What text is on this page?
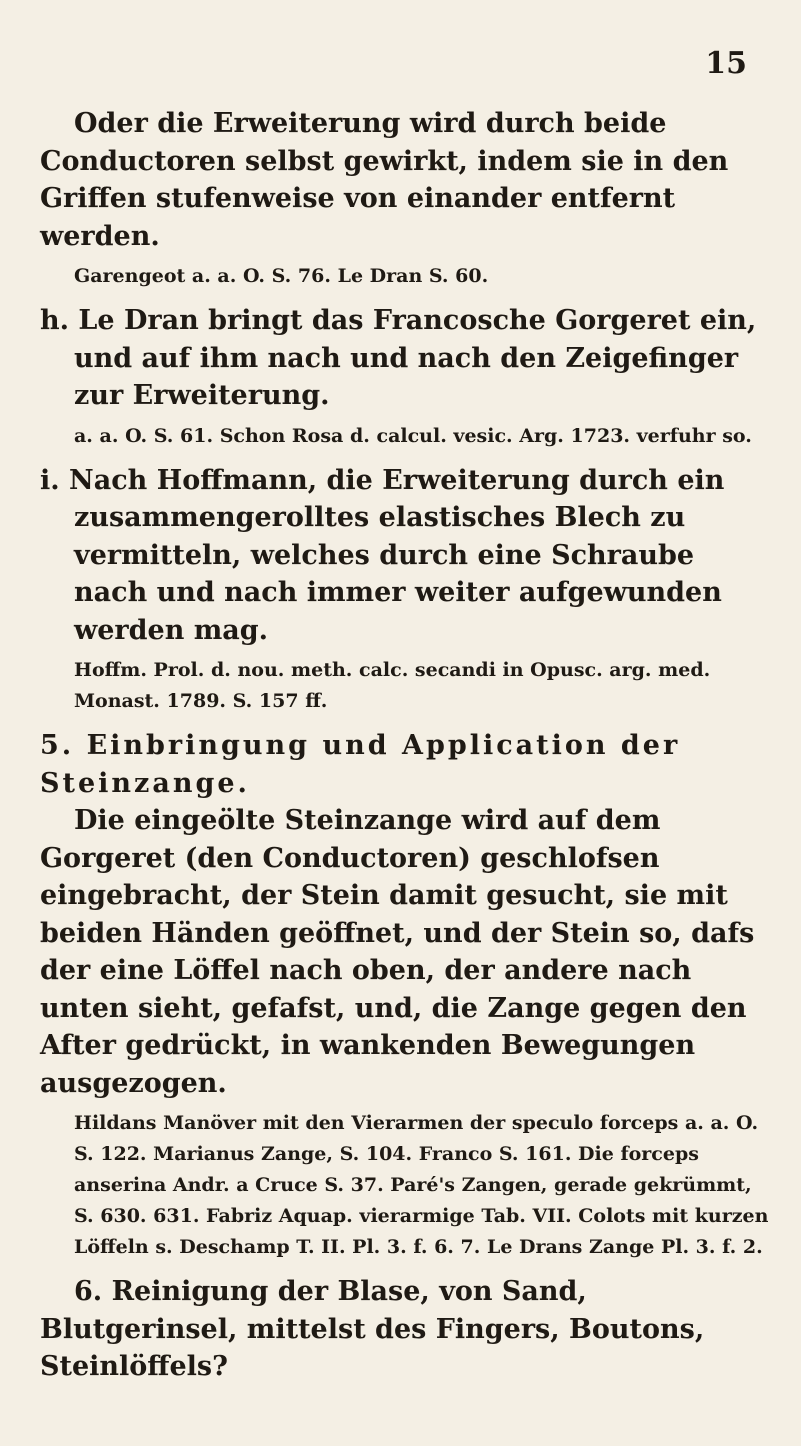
15

Oder die Erweiterung wird durch beide Conductoren selbst gewirkt, indem sie in den Griffen stufenweise von einander entfernt werden.

Garengeot a. a. O. S. 76. Le Dran S. 60.

h. Le Dran bringt das Francosche Gorgeret ein, und auf ihm nach und nach den Zeigefinger zur Erweiterung.

a. a. O. S. 61. Schon Rosa d. calcul. vesic. Arg. 1723. verfuhr so.

i. Nach Hoffmann, die Erweiterung durch ein zusammengerolltes elastisches Blech zu vermitteln, welches durch eine Schraube nach und nach immer weiter aufgewunden werden mag.

Hoffm. Prol. d. nou. meth. calc. secandi in Opusc. arg. med. Monast. 1789. S. 157 ff.

5. Einbringung und Application der Steinzange.

Die eingeölte Steinzange wird auf dem Gorgeret (den Conductoren) geschlofsen eingebracht, der Stein damit gesucht, sie mit beiden Händen geöffnet, und der Stein so, dafs der eine Löffel nach oben, der andere nach unten sieht, gefafst, und, die Zange gegen den After gedrückt, in wankenden Bewegungen ausgezogen.

Hildans Manöver mit den Vierarmen der speculo forceps a. a. O. S. 122. Marianus Zange, S. 104. Franco S. 161. Die forceps anserina Andr. a Cruce S. 37. Paré's Zangen, gerade gekrümmt, S. 630. 631. Fabriz Aquap. vierarmige Tab. VII. Colots mit kurzen Löffeln s. Deschamp T. II. Pl. 3. f. 6. 7. Le Drans Zange Pl. 3. f. 2.

6. Reinigung der Blase, von Sand, Blutgerinsel, mittelst des Fingers, Boutons, Steinlöffels?
